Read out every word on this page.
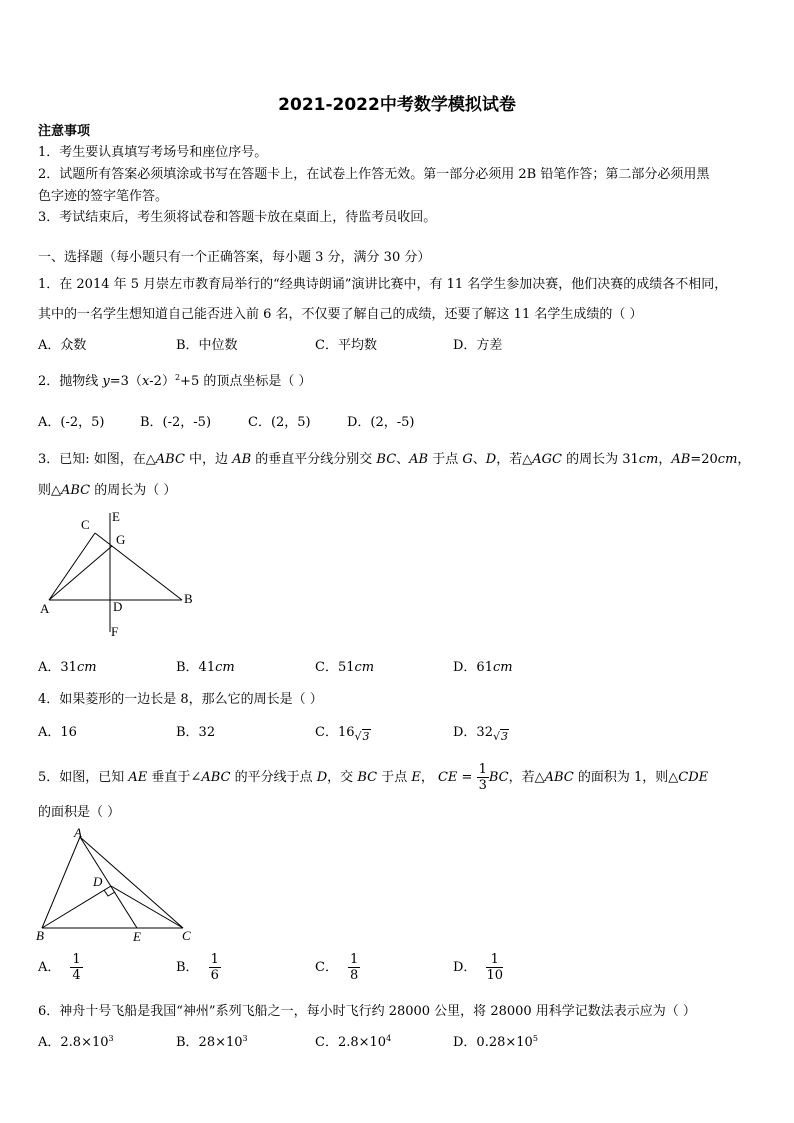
2021-2022中考数学模拟试卷
注意事项
1．考生要认真填写考场号和座位序号。
2．试题所有答案必须填涂或书写在答题卡上，在试卷上作答无效。第一部分必须用 2B 铅笔作答；第二部分必须用黑
色字迹的签字笔作答。
3．考试结束后，考生须将试卷和答题卡放在桌面上，待监考员收回。
一、选择题（每小题只有一个正确答案，每小题 3 分，满分 30 分）
1．在 2014 年 5 月崇左市教育局举行的“经典诗朗诵”演讲比赛中，有 11 名学生参加决赛，他们决赛的成绩各不相同，
其中的一名学生想知道自己能否进入前 6 名，不仅要了解自己的成绩，还要了解这 11 名学生成绩的（ ）
A．众数	B．中位数	C．平均数	D．方差
2．抛物线 $y=3(x-2)^2+5$ 的顶点坐标是（ ）
A．(-2，5)	B．(-2，-5)	C．(2，5)	D．(2，-5)
3．已知: 如图，在△ABC 中，边 AB 的垂直平分线分别交 BC、AB 于点 G、D，若△AGC 的周长为 31cm，AB=20cm，
则△ABC 的周长为（ ）
C
E
G
A	D
B
F
A．31cm	B．41cm	C．51cm	D．61cm
4．如果菱形的一边长是 8，那么它的周长是（ ）
A．16	B．32	C．16√3	D．32√3
5．如图，已知 AE 垂直于∠ABC 的平分线于点 D，交 BC 于点 E， CE = $\frac{1}{3}$ BC，若△ABC 的面积为 1，则△CDE
的面积是（ ）
A
D
B	E	C
A． $\frac{1}{4}$	B． $\frac{1}{6}$	C． $\frac{1}{8}$	D． $\frac{1}{10}$
6．神舟十号飞船是我国“神州”系列飞船之一，每小时飞行约 28000 公里，将 28000 用科学记数法表示应为（ ）
A．$2.8\times 10^3$	B．$28\times 10^3$	C．$2.8\times 10^4$	D．$0.28\times 10^5$
